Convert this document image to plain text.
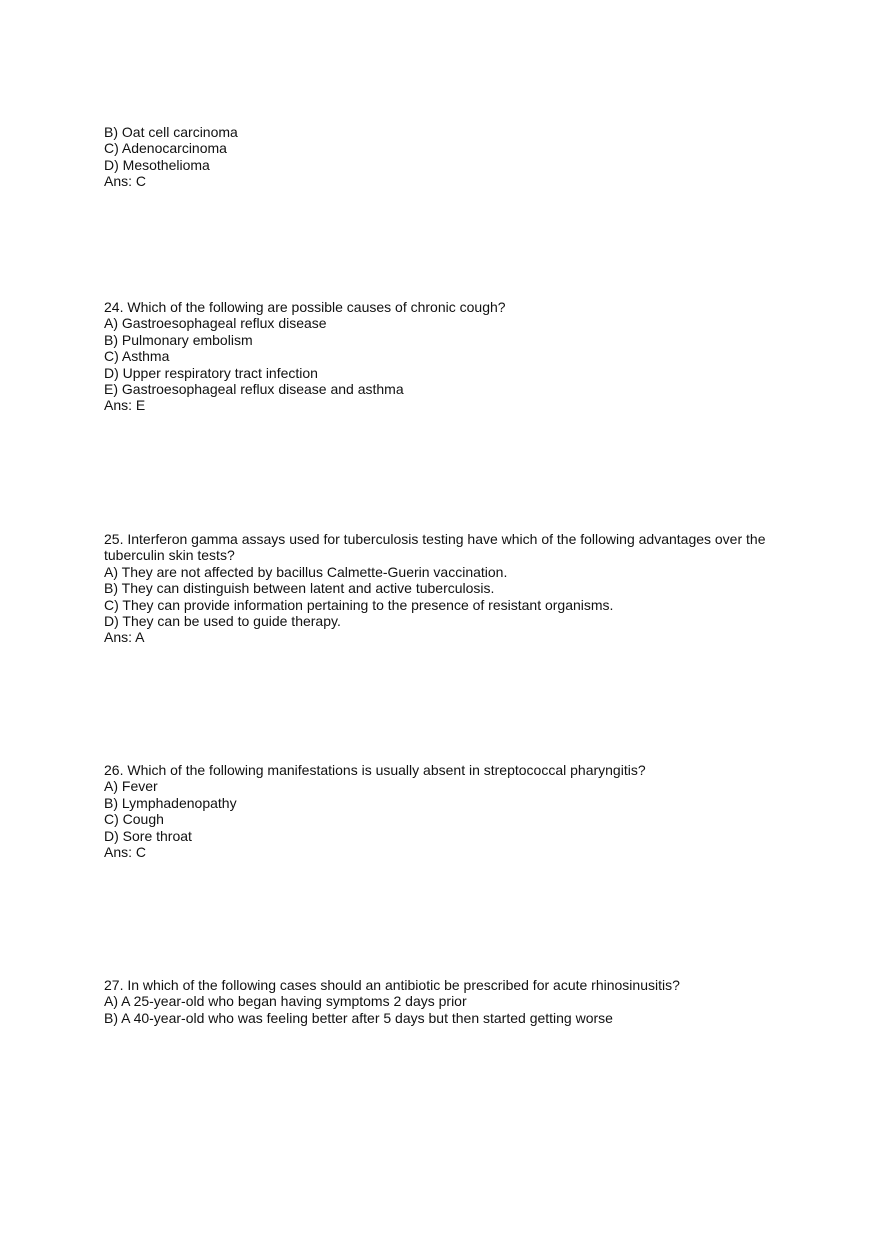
B) Oat cell carcinoma
C) Adenocarcinoma
D) Mesothelioma
Ans: C
24. Which of the following are possible causes of chronic cough?
A) Gastroesophageal reflux disease
B) Pulmonary embolism
C) Asthma
D) Upper respiratory tract infection
E) Gastroesophageal reflux disease and asthma
Ans: E
25. Interferon gamma assays used for tuberculosis testing have which of the following advantages over the tuberculin skin tests?
A) They are not affected by bacillus Calmette-Guerin vaccination.
B) They can distinguish between latent and active tuberculosis.
C) They can provide information pertaining to the presence of resistant organisms.
D) They can be used to guide therapy.
Ans: A
26. Which of the following manifestations is usually absent in streptococcal pharyngitis?
A) Fever
B) Lymphadenopathy
C) Cough
D) Sore throat
Ans: C
27. In which of the following cases should an antibiotic be prescribed for acute rhinosinusitis?
A) A 25-year-old who began having symptoms 2 days prior
B) A 40-year-old who was feeling better after 5 days but then started getting worse
